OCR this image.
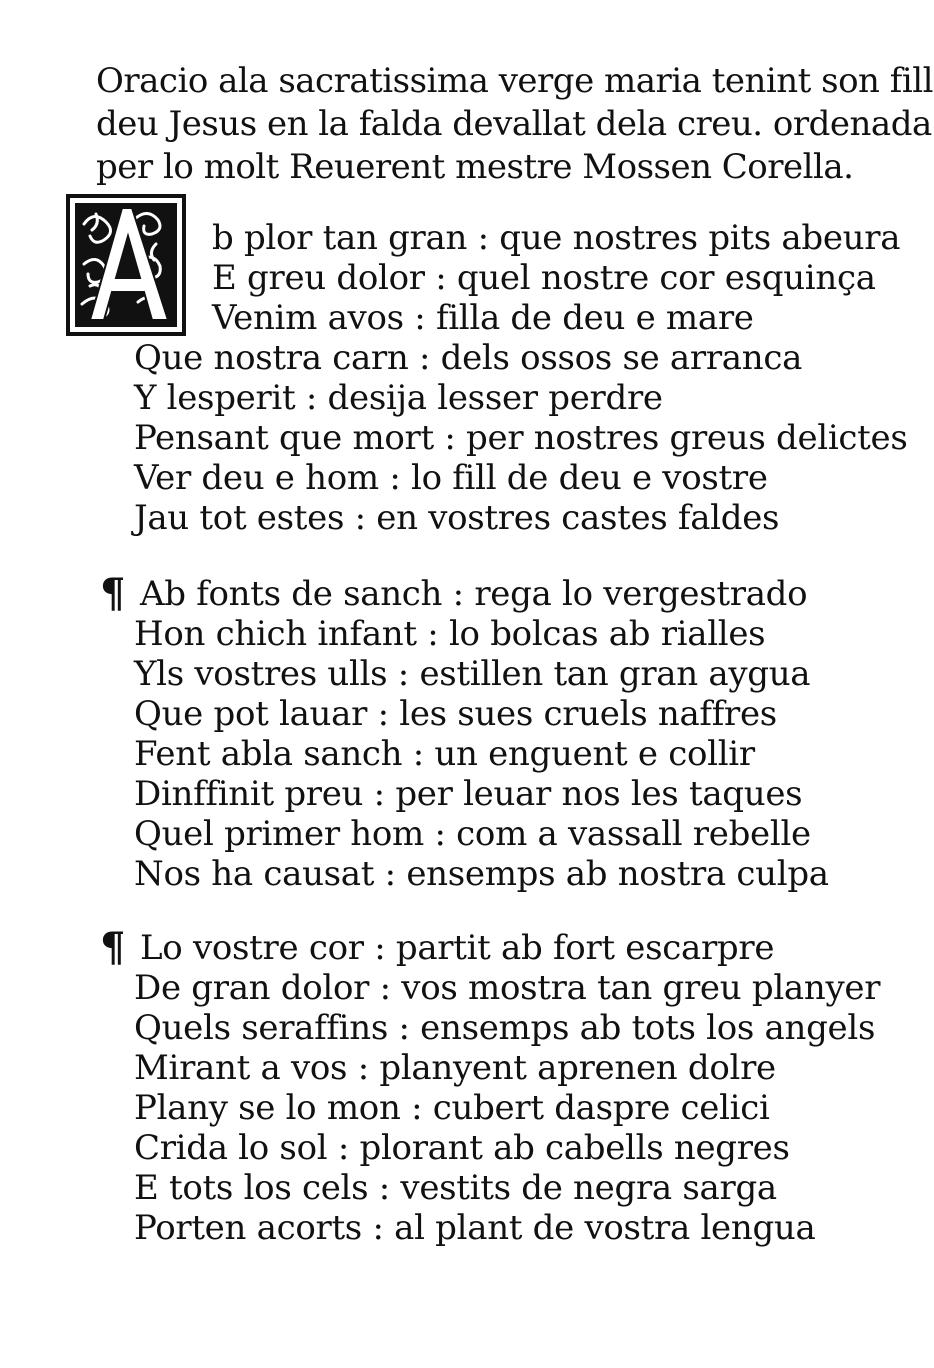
Oracio ala sacratissima verge maria tenint son fill
deu Jesus en la falda devallat dela creu. ordenada
per lo molt Reuerent mestre Mossen Corella.
b plor tan gran : que nostres pits abeura
E greu dolor : quel nostre cor esquinça
Venim avos : filla de deu e mare
Que nostra carn : dels ossos se arranca
Y lesperit : desija lesser perdre
Pensant que mort : per nostres greus delictes
Ver deu e hom : lo fill de deu e vostre
Jau tot estes : en vostres castes faldes
¶ Ab fonts de sanch : rega lo vergestrado
Hon chich infant : lo bolcas ab rialles
Yls vostres ulls : estillen tan gran aygua
Que pot lauar : les sues cruels naffres
Fent abla sanch : un enguent e collir
Dinffinit preu : per leuar nos les taques
Quel primer hom : com a vassall rebelle
Nos ha causat : ensemps ab nostra culpa
¶ Lo vostre cor : partit ab fort escarpre
De gran dolor : vos mostra tan greu planyer
Quels seraffins : ensemps ab tots los angels
Mirant a vos : planyent aprenen dolre
Plany se lo mon : cubert daspre celici
Crida lo sol : plorant ab cabells negres
E tots los cels : vestits de negra sarga
Porten acorts : al plant de vostra lengua
